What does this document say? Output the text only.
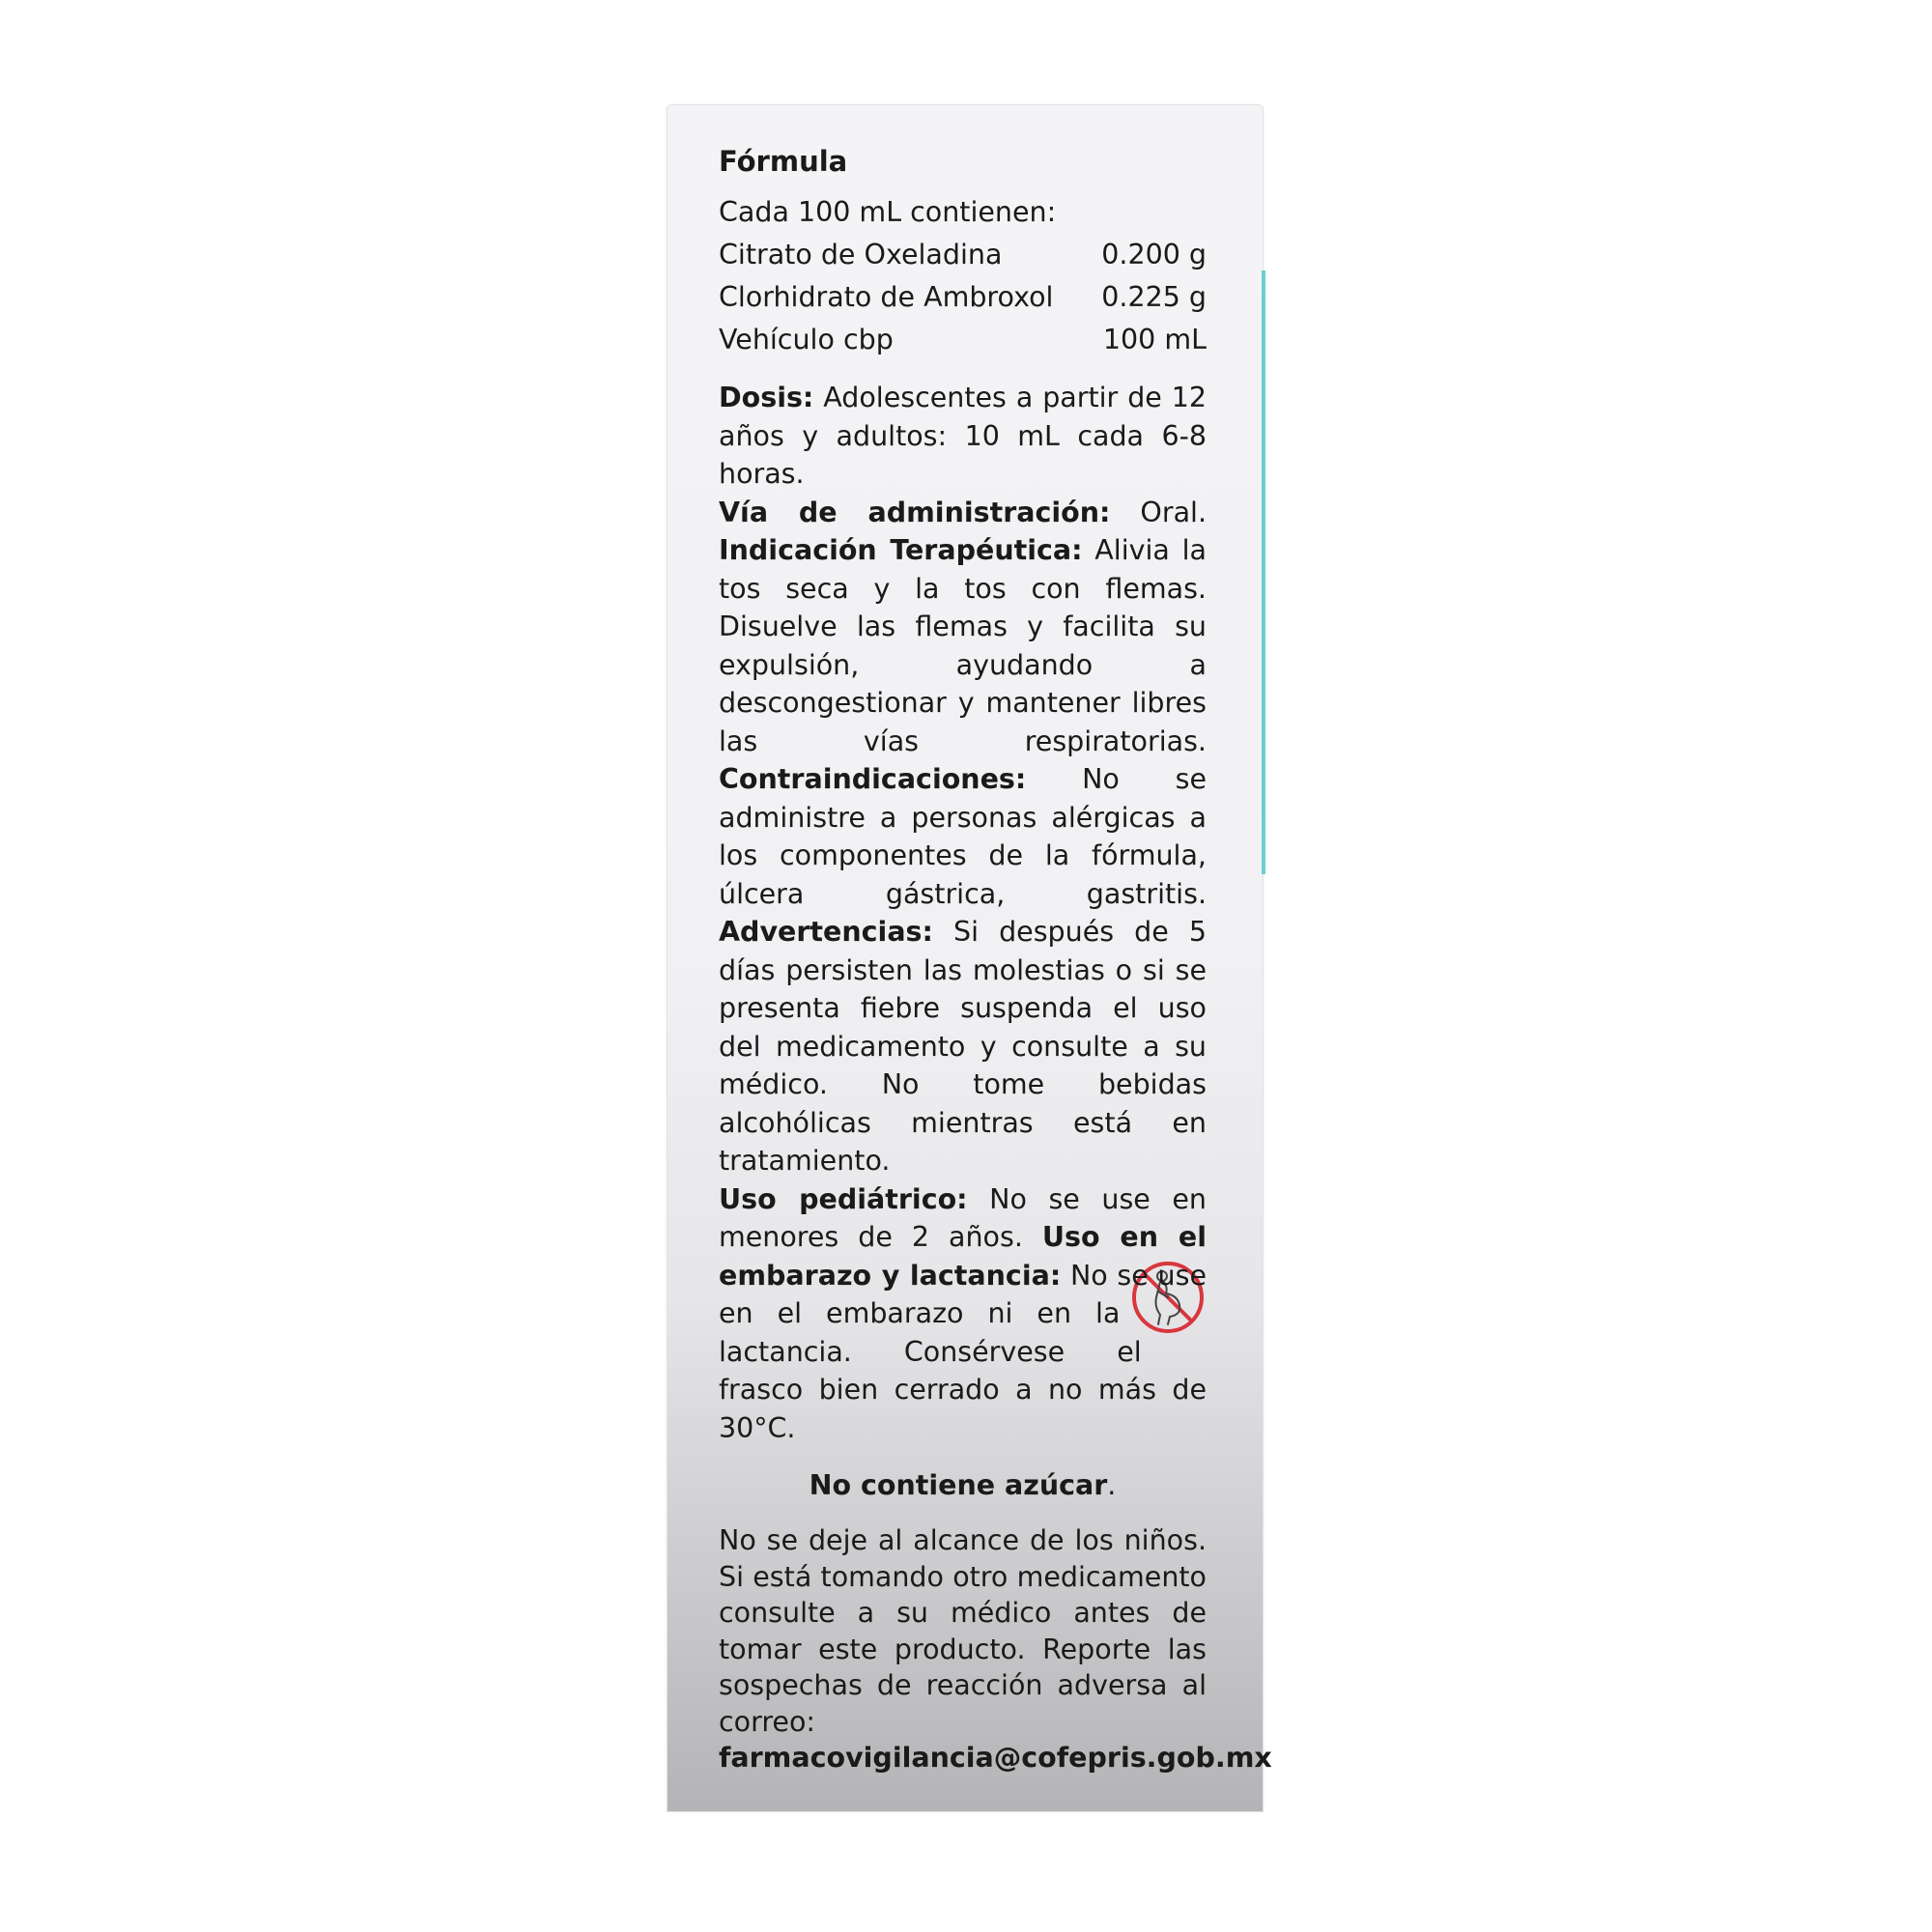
Fórmula
Cada 100 mL contienen:
Citrato de Oxeladina	0.200 g
Clorhidrato de Ambroxol 0.225 g
Vehículo cbp	100 mL

Dosis: Adolescentes a partir de 12 años y adultos: 10 mL cada 6-8 horas.

Vía de administración: Oral. Indicación Terapéutica: Alivia la tos seca y la tos con flemas. Disuelve las flemas y facilita su expulsión, ayudando a descongestionar y mantener libres las vías respiratorias. Contraindicaciones: No se administre a personas alérgicas a los componentes de la fórmula, úlcera gástrica, gastritis. Advertencias: Si después de 5 días persisten las molestias o si se presenta fiebre suspenda el uso del medicamento y consulte a su médico. No tome bebidas alcohólicas mientras está en tratamiento.

Uso pediátrico: No se use en menores de 2 años. Uso en el embarazo y lactancia:
No se use en el embarazo ni en la lactancia. Consérvese el frasco bien cerrado a no más de 30°C.

No contiene azúcar.

No se deje al alcance de los niños. Si está tomando otro medicamento consulte a su médico antes de tomar este producto. Reporte las sospechas de reacción adversa al correo:
farmacovigilancia@cofepris.gob.mx
